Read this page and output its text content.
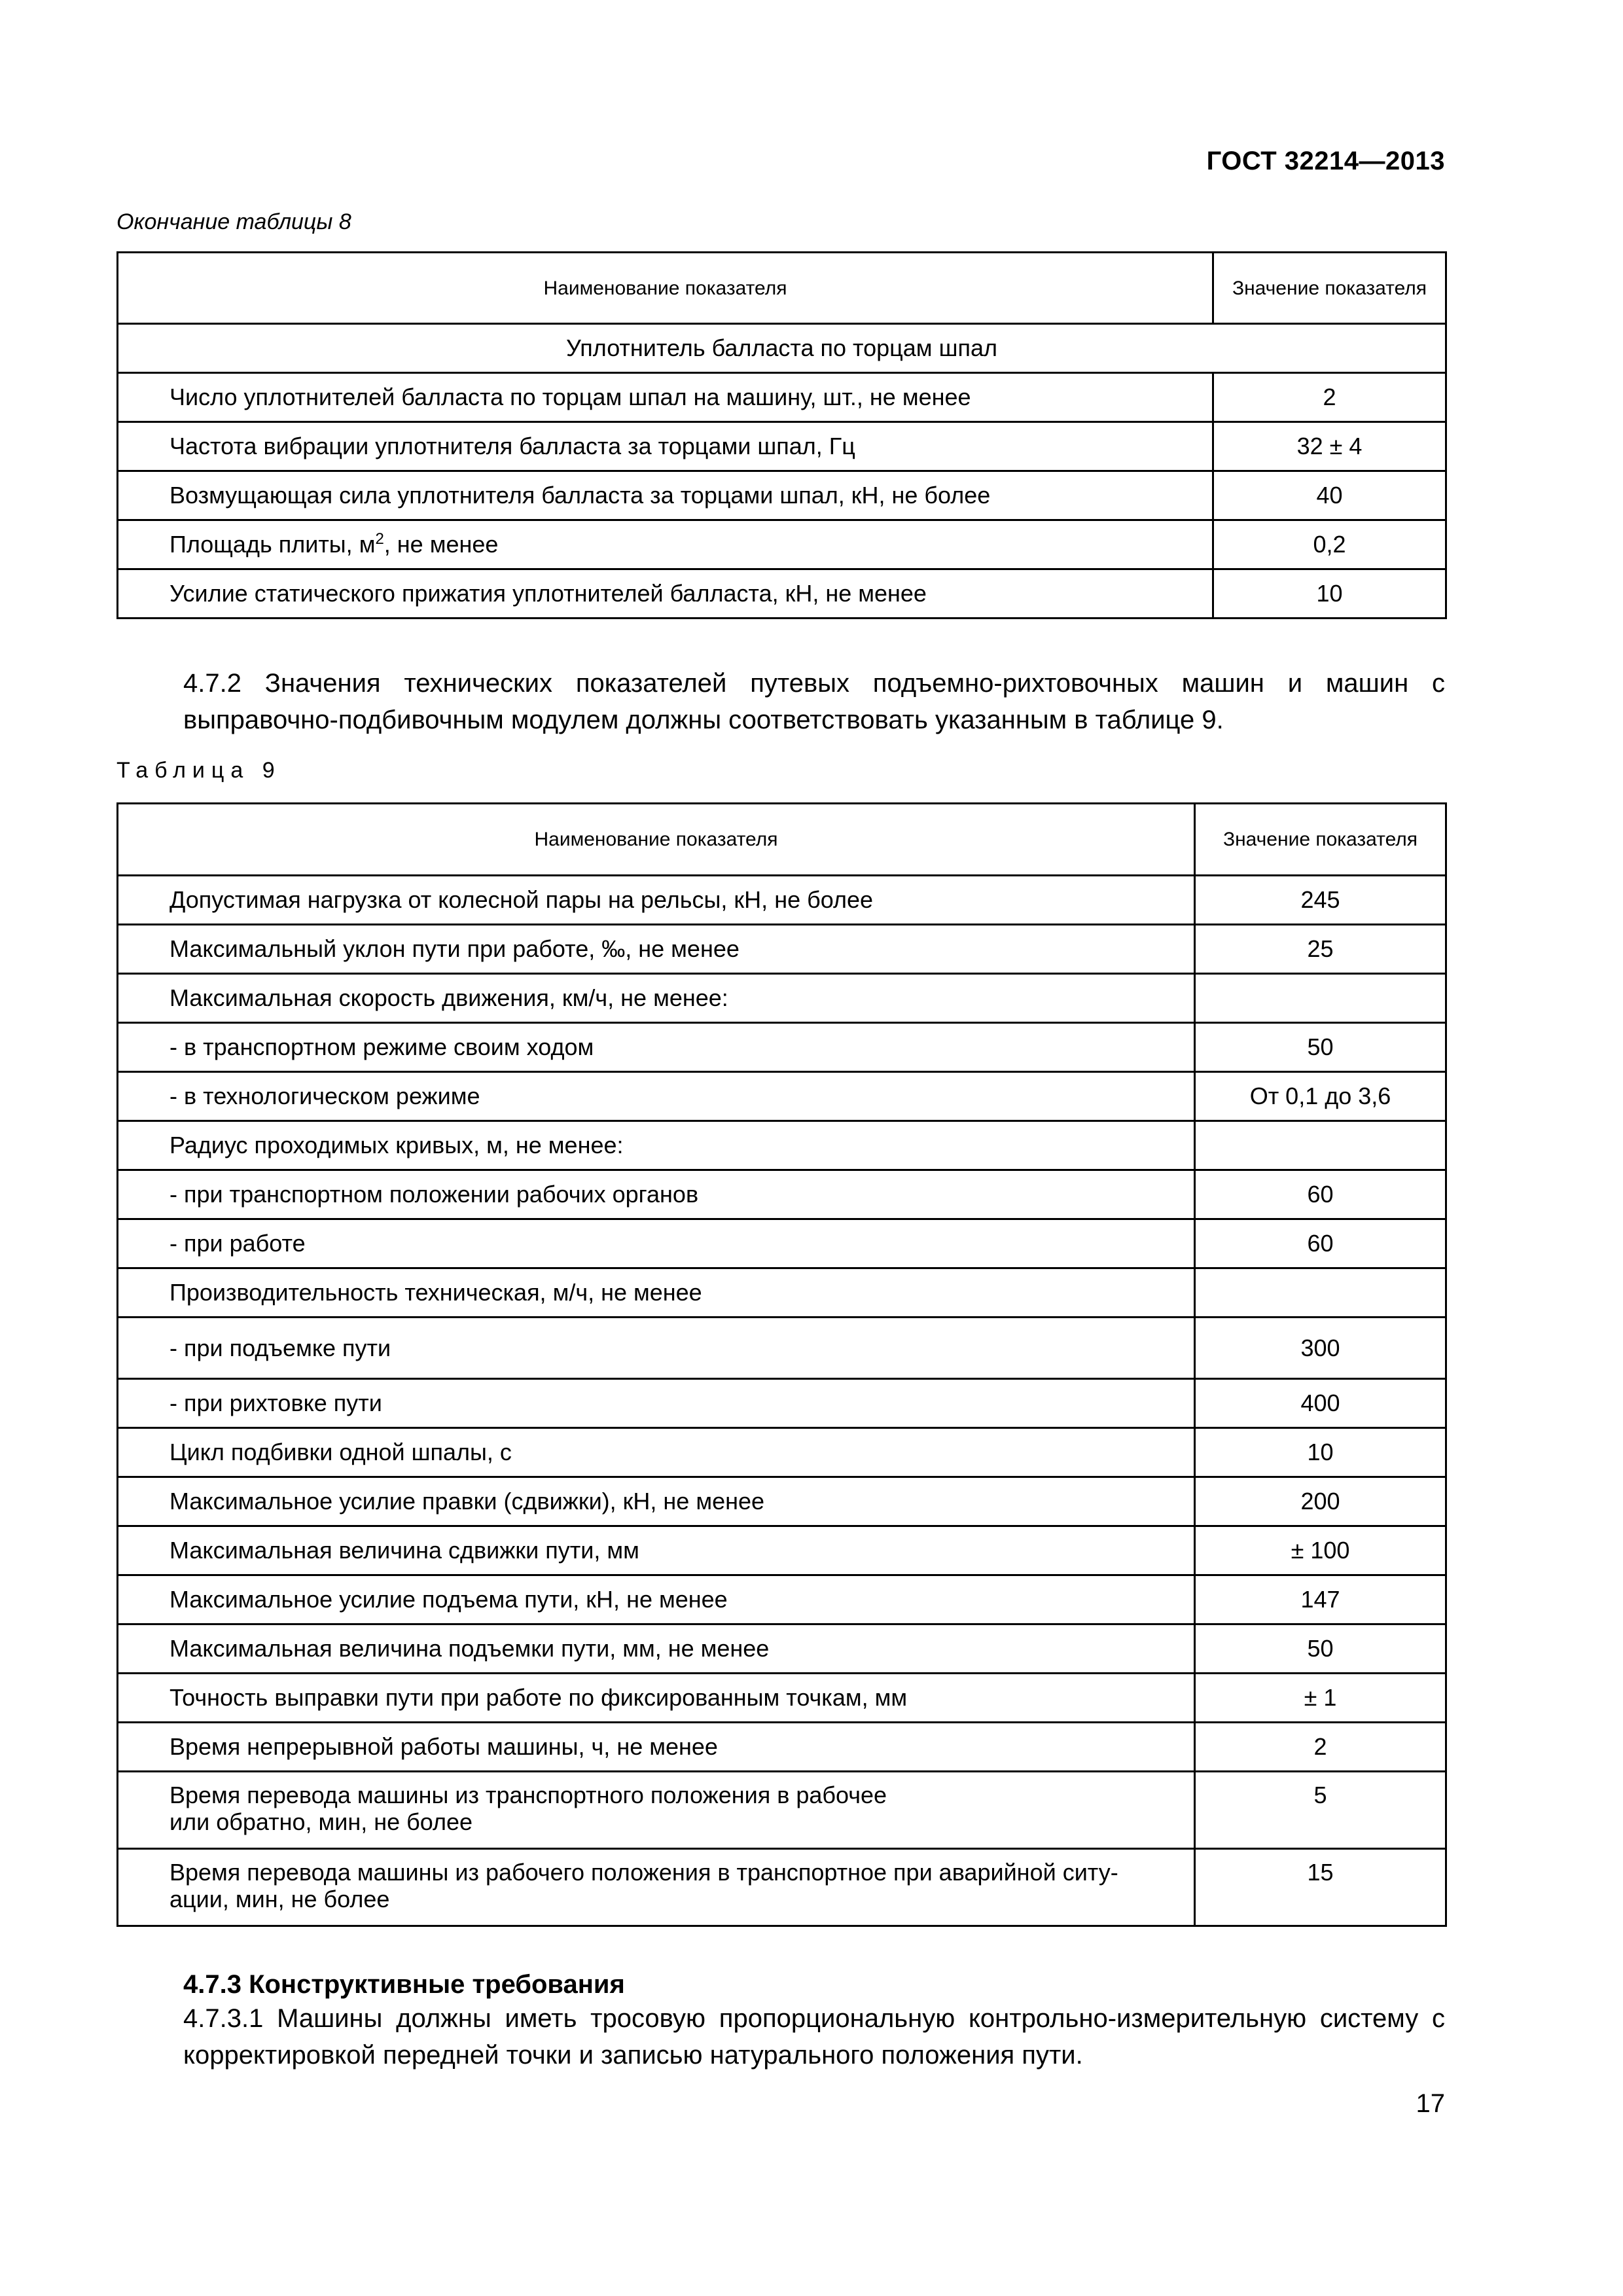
ГОСТ 32214—2013
Окончание таблицы 8
Наименование показателя	Значение показателя
Уплотнитель балласта по торцам шпал	
Число уплотнителей балласта по торцам шпал на машину, шт., не менее	2
Частота вибрации уплотнителя балласта за торцами шпал, Гц	32 ± 4
Возмущающая сила уплотнителя балласта за торцами шпал, кН, не более	40
Площадь плиты, $м^2$, не менее	0,2
Усилие статического прижатия уплотнителей балласта, кН, не менее	10
4.7.2 Значения технических показателей путевых подъемно-рихтовочных машин и машин с выправочно-подбивочным модулем должны соответствовать указанным в таблице 9.
Таблица 9
Наименование показателя	Значение показателя
Допустимая нагрузка от колесной пары на рельсы, кН, не более	245
Максимальный уклон пути при работе, ‰, не менее	25
Максимальная скорость движения, км/ч, не менее:	
- в транспортном режиме своим ходом	50
- в технологическом режиме	От 0,1 до 3,6
Радиус проходимых кривых, м, не менее:	
- при транспортном положении рабочих органов	60
- при работе	60
Производительность техническая, м/ч, не менее	
- при подъемке пути	300
- при рихтовке пути	400
Цикл подбивки одной шпалы, с	10
Максимальное усилие правки (сдвижки), кН, не менее	200
Максимальная величина сдвижки пути, мм	± 100
Максимальное усилие подъема пути, кН, не менее	147
Максимальная величина подъемки пути, мм, не менее	50
Точность выправки пути при работе по фиксированным точкам, мм	± 1
Время непрерывной работы машины, ч, не менее	2
Время перевода машины из транспортного положения в рабочее
или обратно, мин, не более	5
Время перевода машины из рабочего положения в транспортное при аварийной ситу-
ации, мин, не более	15
4.7.3 Конструктивные требования
4.7.3.1 Машины должны иметь тросовую пропорциональную контрольно-измерительную систему с корректировкой передней точки и записью натурального положения пути.
17
